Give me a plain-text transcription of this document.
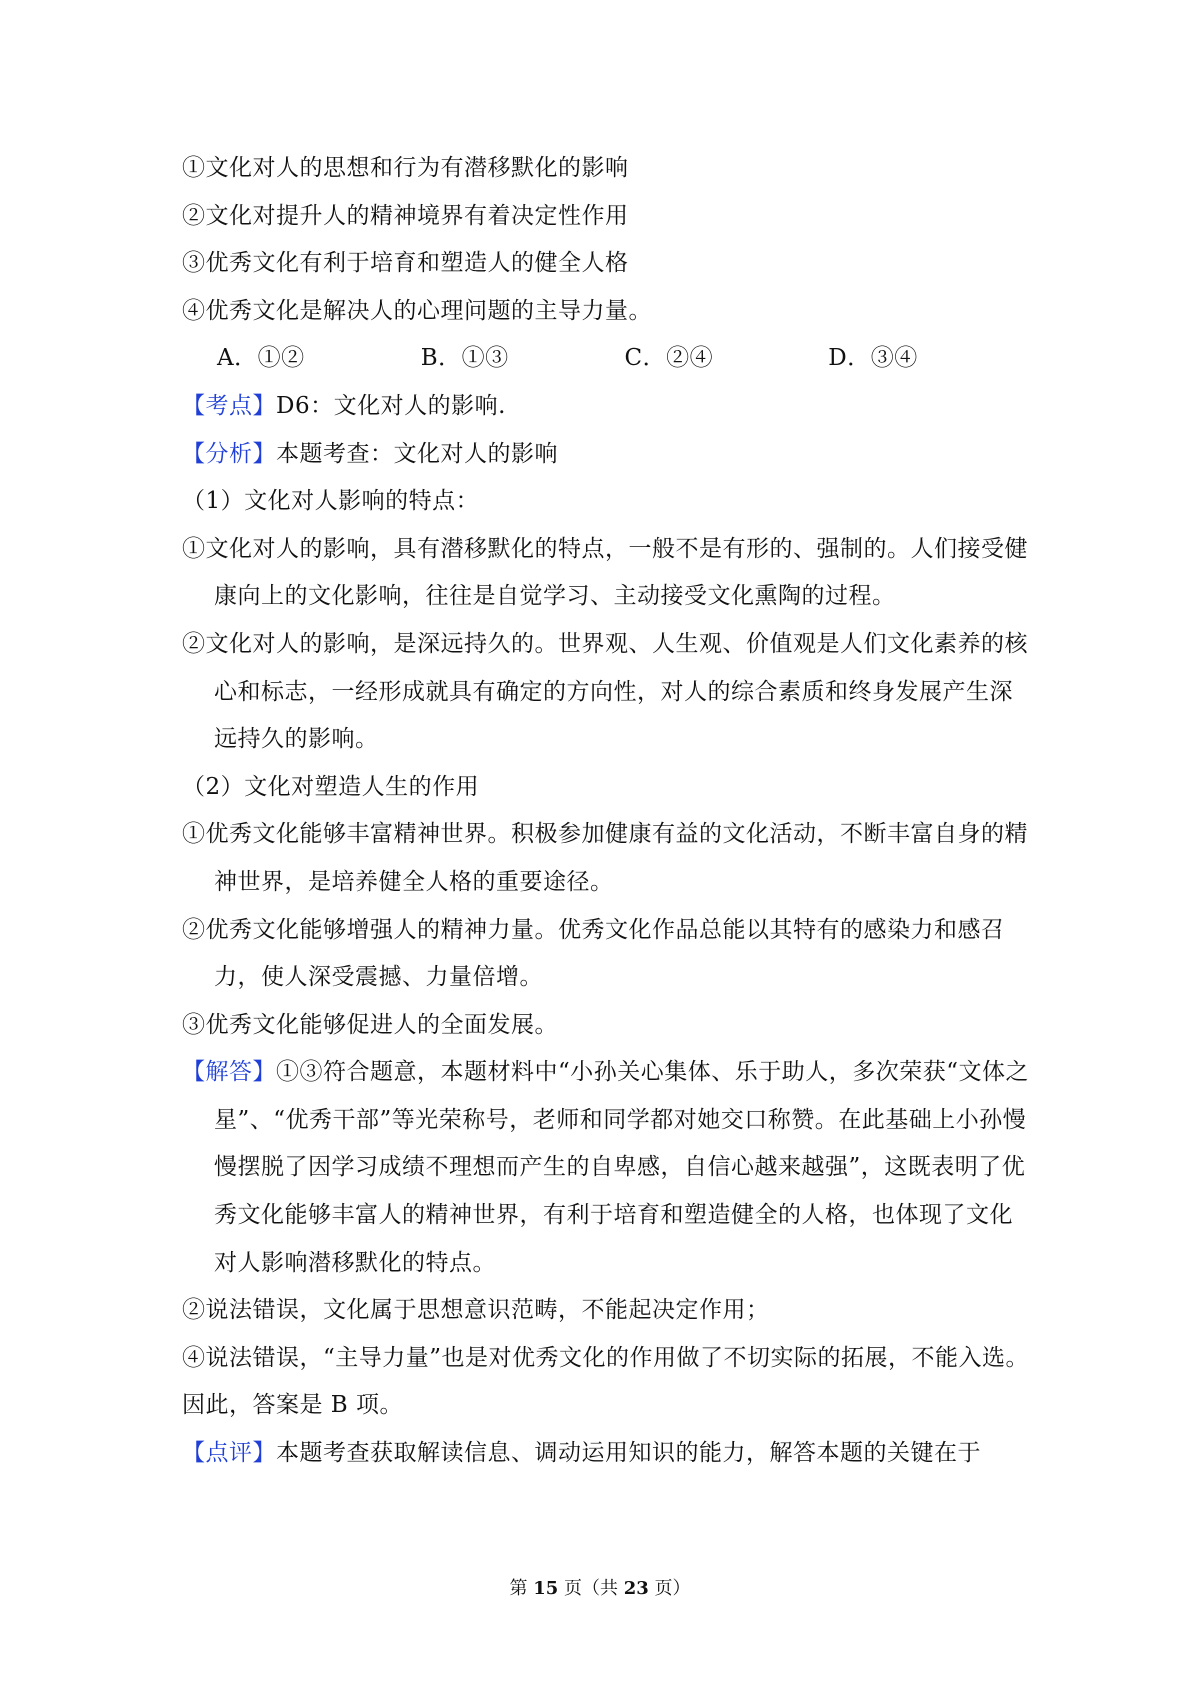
①文化对人的思想和行为有潜移默化的影响
②文化对提升人的精神境界有着决定性作用
③优秀文化有利于培育和塑造人的健全人格
④优秀文化是解决人的心理问题的主导力量。
A．①②	B．①③	C．②④	D．③④
【考点】D6：文化对人的影响.
【分析】本题考查：文化对人的影响
（1）文化对人影响的特点：
①文化对人的影响，具有潜移默化的特点，一般不是有形的、强制的。人们接受健康向上的文化影响，往往是自觉学习、主动接受文化熏陶的过程。
②文化对人的影响，是深远持久的。世界观、人生观、价值观是人们文化素养的核心和标志，一经形成就具有确定的方向性，对人的综合素质和终身发展产生深远持久的影响。
（2）文化对塑造人生的作用
①优秀文化能够丰富精神世界。积极参加健康有益的文化活动，不断丰富自身的精神世界，是培养健全人格的重要途径。
②优秀文化能够增强人的精神力量。优秀文化作品总能以其特有的感染力和感召力，使人深受震撼、力量倍增。
③优秀文化能够促进人的全面发展。
【解答】①③符合题意，本题材料中“小孙关心集体、乐于助人，多次荣获“文体之星”、“优秀干部”等光荣称号，老师和同学都对她交口称赞。在此基础上小孙慢慢摆脱了因学习成绩不理想而产生的自卑感，自信心越来越强”，这既表明了优秀文化能够丰富人的精神世界，有利于培育和塑造健全的人格，也体现了文化对人影响潜移默化的特点。
②说法错误，文化属于思想意识范畴，不能起决定作用；
④说法错误，“主导力量”也是对优秀文化的作用做了不切实际的拓展，不能入选。
因此，答案是 B 项。
【点评】本题考查获取解读信息、调动运用知识的能力，解答本题的关键在于
第 15 页（共 23 页）
